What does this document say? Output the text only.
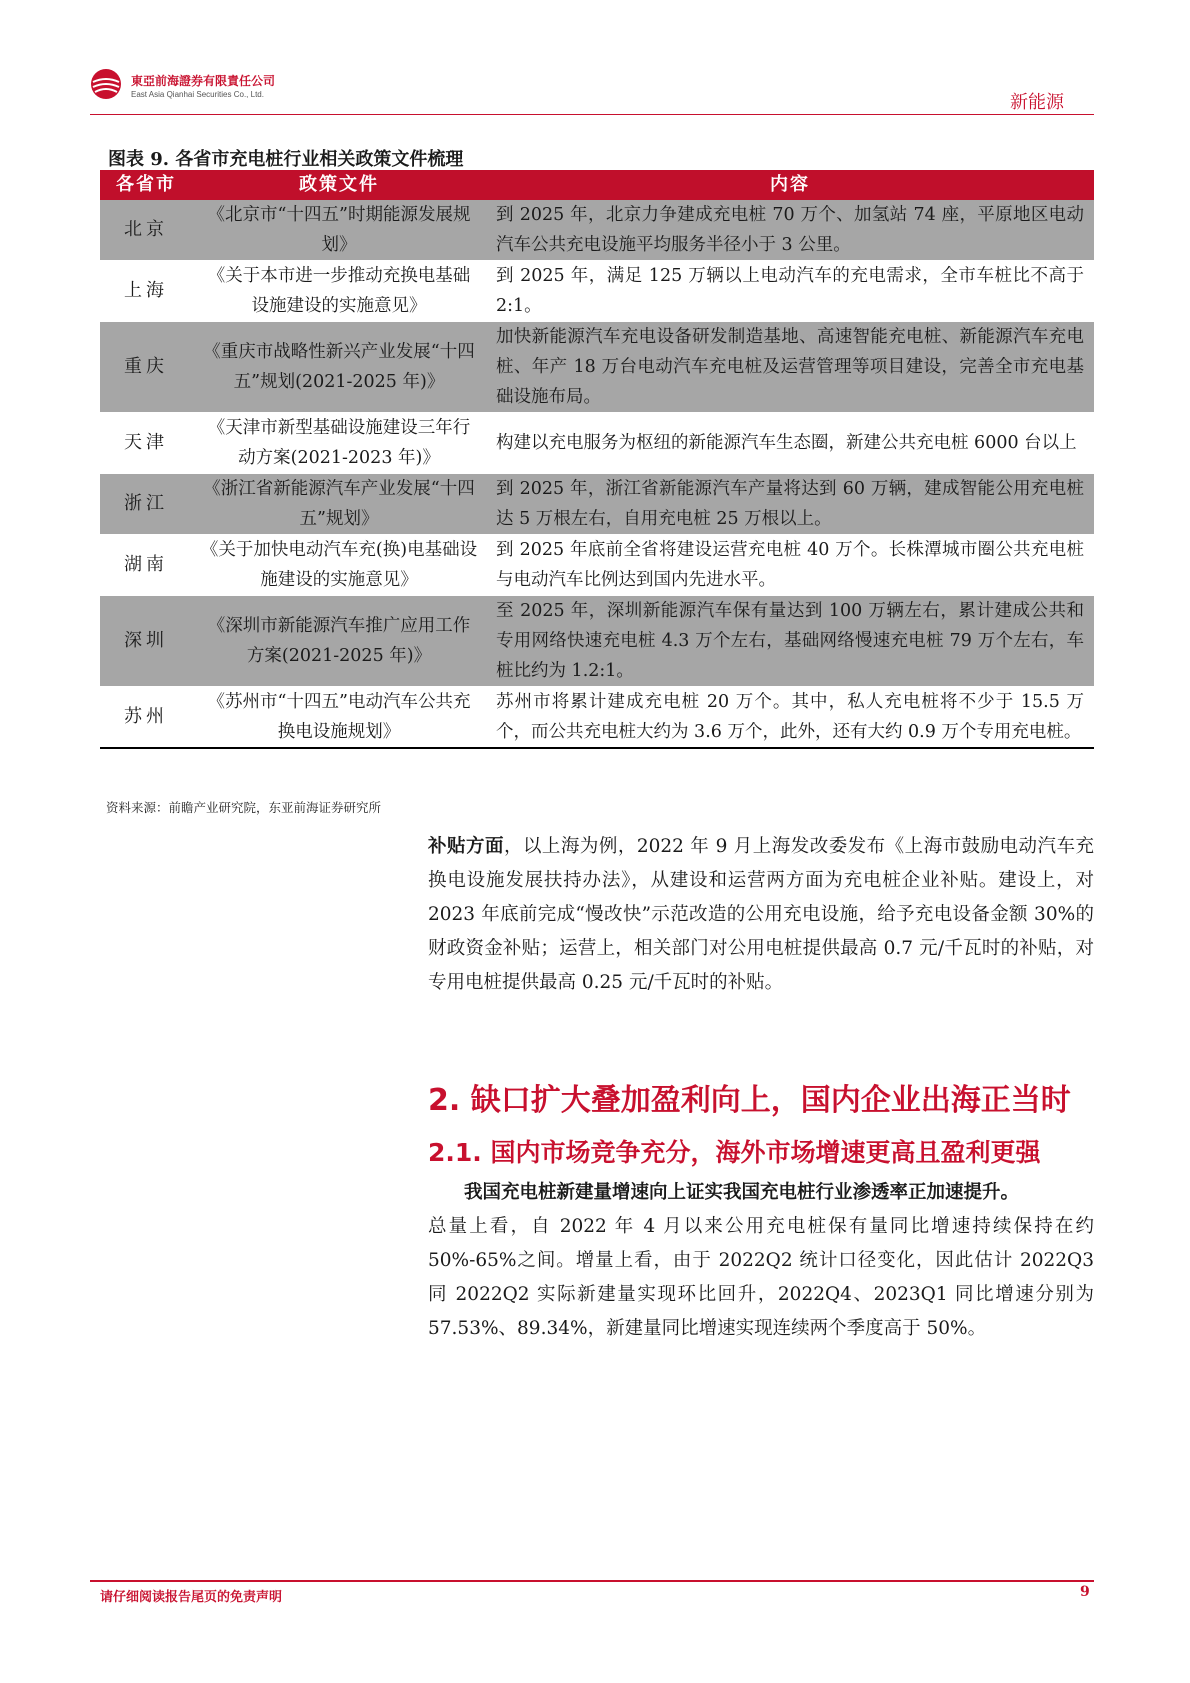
東亞前海證券有限責任公司
East Asia Qianhai Securities Co., Ltd.	新能源
图表 9. 各省市充电桩行业相关政策文件梳理
各省市	政策文件	内容
北京	《北京市“十四五”时期能源发展规划》	到 2025 年，北京力争建成充电桩 70 万个、加氢站 74 座，平原地区电动汽车公共充电设施平均服务半径小于 3 公里。
上海	《关于本市进一步推动充换电基础设施建设的实施意见》	到 2025 年，满足 125 万辆以上电动汽车的充电需求，全市车桩比不高于 2:1。
重庆	《重庆市战略性新兴产业发展“十四五”规划(2021-2025 年)》	加快新能源汽车充电设备研发制造基地、高速智能充电桩、新能源汽车充电桩、年产 18 万台电动汽车充电桩及运营管理等项目建设，完善全市充电基础设施布局。
天津	《天津市新型基础设施建设三年行动方案(2021-2023 年)》	构建以充电服务为枢纽的新能源汽车生态圈，新建公共充电桩 6000 台以上
浙江	《浙江省新能源汽车产业发展“十四五”规划》	到 2025 年，浙江省新能源汽车产量将达到 60 万辆，建成智能公用充电桩达 5 万根左右，自用充电桩 25 万根以上。
湖南	《关于加快电动汽车充(换)电基础设施建设的实施意见》	到 2025 年底前全省将建设运营充电桩 40 万个。长株潭城市圈公共充电桩与电动汽车比例达到国内先进水平。
深圳	《深圳市新能源汽车推广应用工作方案(2021-2025 年)》	至 2025 年，深圳新能源汽车保有量达到 100 万辆左右，累计建成公共和专用网络快速充电桩 4.3 万个左右，基础网络慢速充电桩 79 万个左右，车桩比约为 1.2:1。
苏州	《苏州市“十四五”电动汽车公共充换电设施规划》	苏州市将累计建成充电桩 20 万个。其中，私人充电桩将不少于 15.5 万个，而公共充电桩大约为 3.6 万个，此外，还有大约 0.9 万个专用充电桩。
资料来源：前瞻产业研究院，东亚前海证券研究所
补贴方面，以上海为例，2022 年 9 月上海发改委发布《上海市鼓励电动汽车充换电设施发展扶持办法》，从建设和运营两方面为充电桩企业补贴。建设上，对 2023 年底前完成“慢改快”示范改造的公用充电设施，给予充电设备金额 30%的财政资金补贴；运营上，相关部门对公用电桩提供最高 0.7 元/千瓦时的补贴，对专用电桩提供最高 0.25 元/千瓦时的补贴。
2. 缺口扩大叠加盈利向上，国内企业出海正当时
2.1. 国内市场竞争充分，海外市场增速更高且盈利更强
我国充电桩新建量增速向上证实我国充电桩行业渗透率正加速提升。
总量上看，自 2022 年 4 月以来公用充电桩保有量同比增速持续保持在约 50%-65%之间。增量上看，由于 2022Q2 统计口径变化，因此估计 2022Q3 同 2022Q2 实际新建量实现环比回升，2022Q4、2023Q1 同比增速分别为 57.53%、89.34%，新建量同比增速实现连续两个季度高于 50%。
请仔细阅读报告尾页的免责声明	9
